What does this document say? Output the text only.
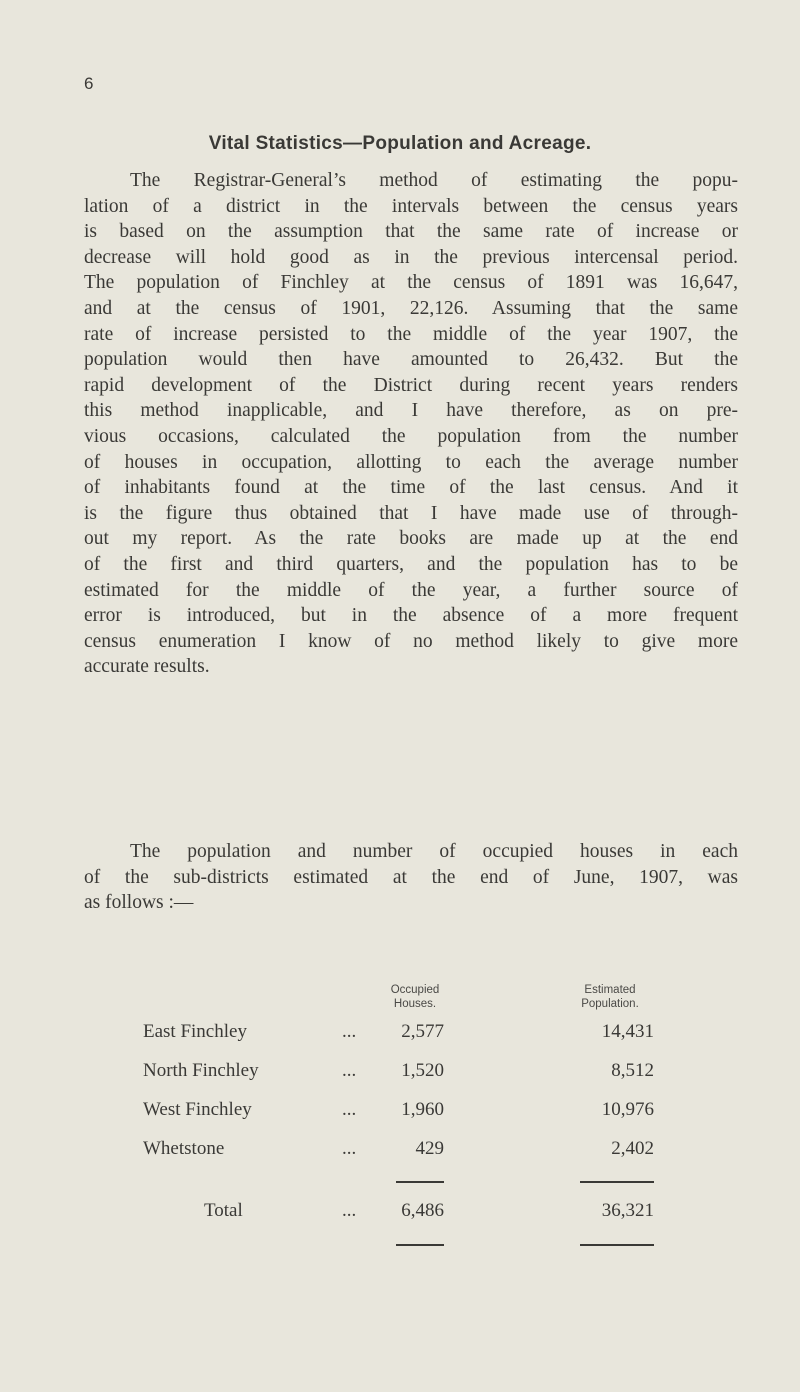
6
Vital Statistics—Population and Acreage.
The Registrar-General’s method of estimating the popu-
lation of a district in the intervals between the census years
is based on the assumption that the same rate of increase or
decrease will hold good as in the previous intercensal period.
The population of Finchley at the census of 1891 was 16,647,
and at the census of 1901, 22,126. Assuming that the same
rate of increase persisted to the middle of the year 1907, the
population would then have amounted to 26,432. But the
rapid development of the District during recent years renders
this method inapplicable, and I have therefore, as on pre-
vious occasions, calculated the population from the number
of houses in occupation, allotting to each the average number
of inhabitants found at the time of the last census. And it
is the figure thus obtained that I have made use of through-
out my report. As the rate books are made up at the end
of the first and third quarters, and the population has to be
estimated for the middle of the year, a further source of
error is introduced, but in the absence of a more frequent
census enumeration I know of no method likely to give more
accurate results.
The population and number of occupied houses in each
of the sub-districts estimated at the end of June, 1907, was
as follows :—
Occupied
Houses.
Estimated
Population.
East Finchley	...	2,577	14,431
North Finchley	...	1,520	8,512
West Finchley	...	1,960	10,976
Whetstone	...	429	2,402
Total	...	6,486	36,321
